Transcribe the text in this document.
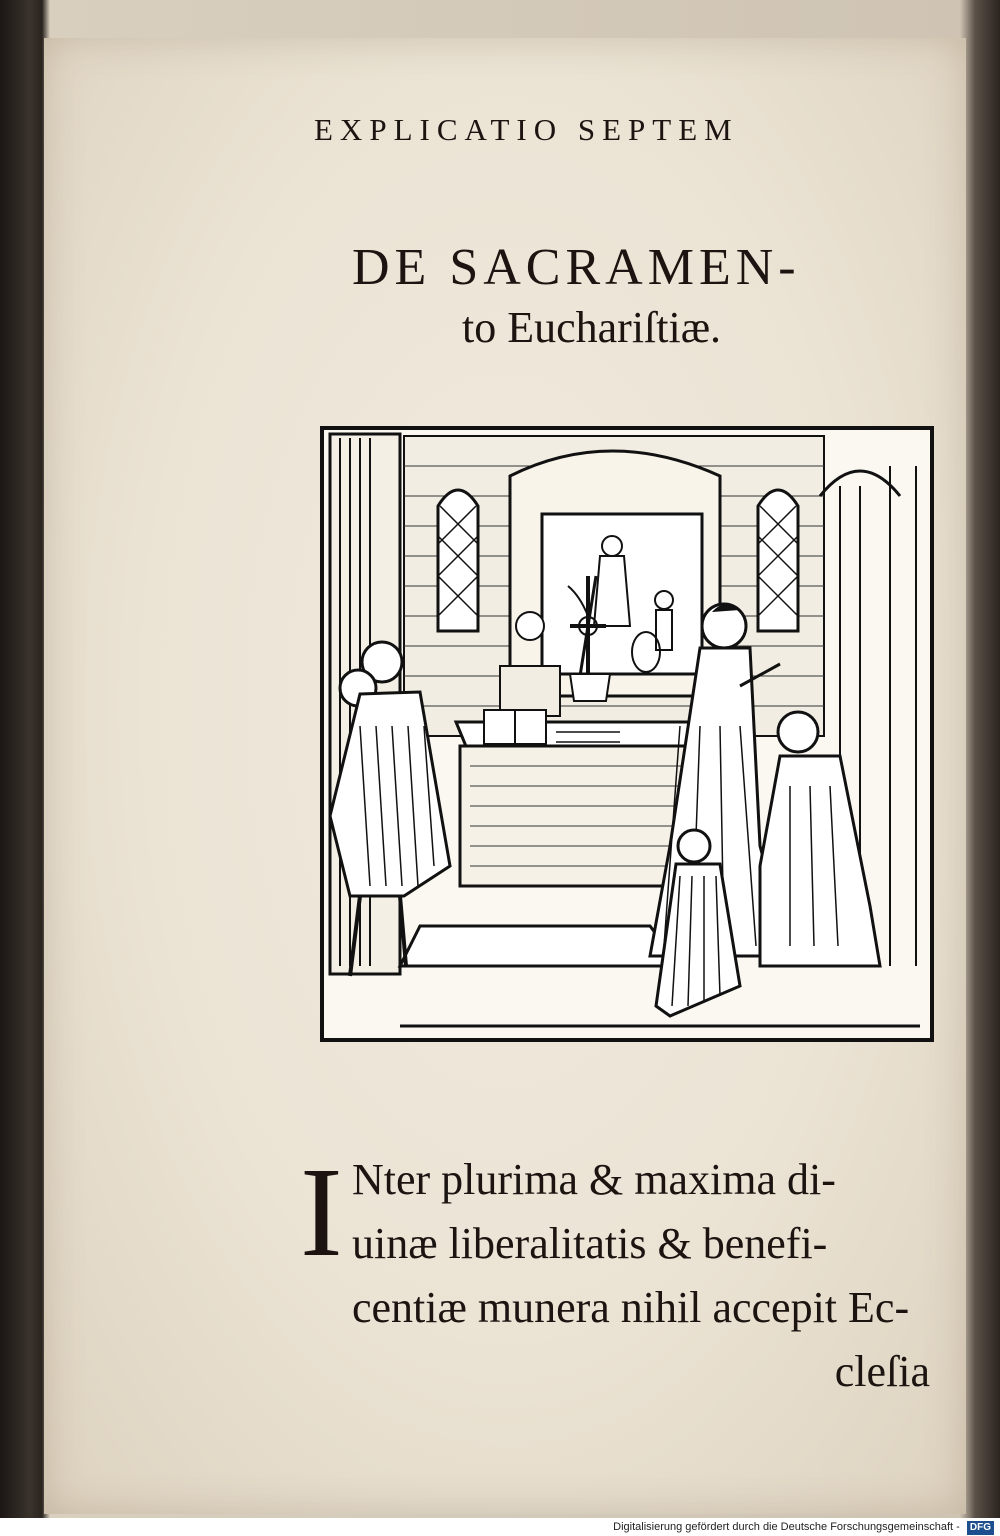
EXPLICATIO SEPTEM
DE SACRAMEN-
to Euchariſtiæ.
I Nter plurima & maxima di-
uinæ liberalitatis & benefi-
centiæ munera nihil accepit Ec-
cleſia
Digitalisierung gefördert durch die Deutsche Forschungsgemeinschaft - DFG
